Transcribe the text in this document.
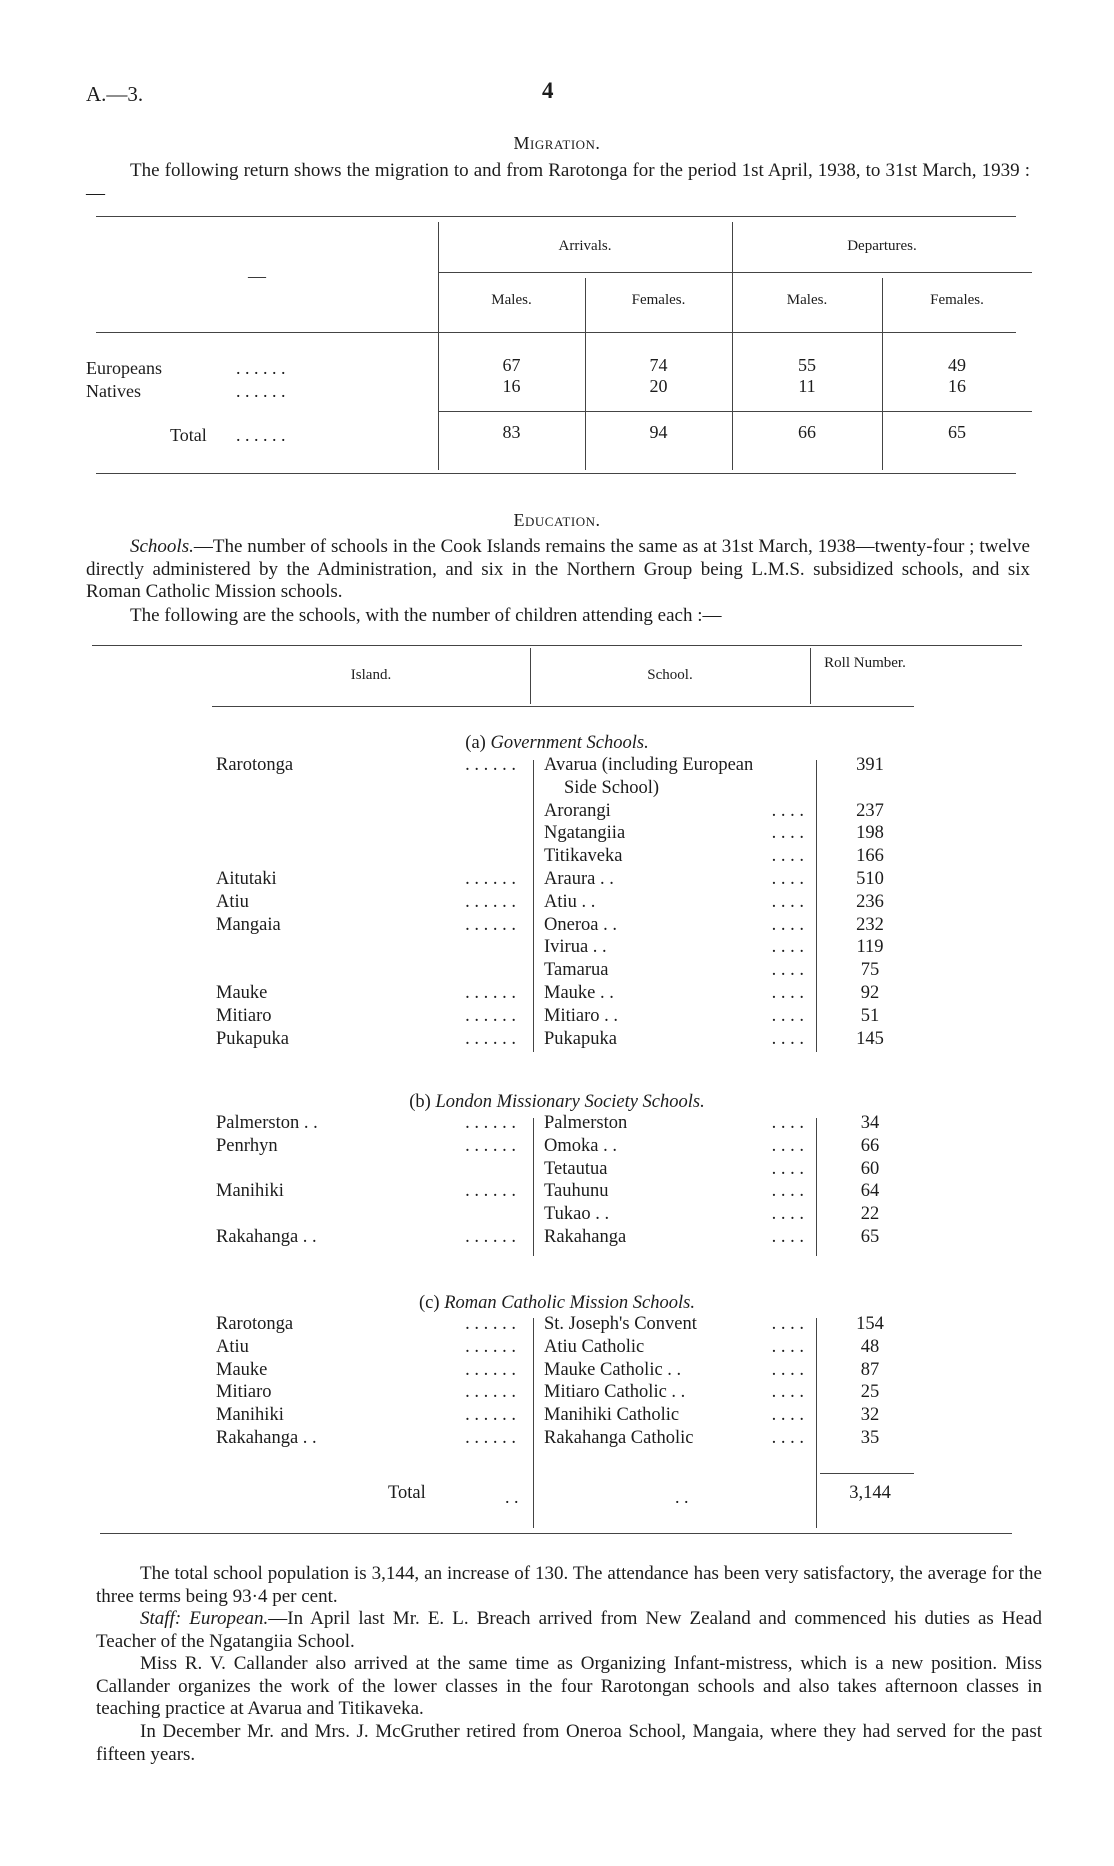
A.—3.	4
Migration.
The following return shows the migration to and from Rarotonga for the period 1st April, 1938, to 31st March, 1939 :—
—
Arrivals.	Departures.
Males.	Females.	Males.	Females.
Europeans	. . . . . .	67	74	55	49
Natives	. . . . . .	16	20	11	16
Total . . . . . .	83	94	66	65
Education.
Schools.—The number of schools in the Cook Islands remains the same as at 31st March, 1938—twenty-four ; twelve directly administered by the Administration, and six in the Northern Group being L.M.S. subsidized schools, and six Roman Catholic Mission schools.
The following are the schools, with the number of children attending each :—
Island.	School.
Roll Number.
(a) Government Schools.
Rarotonga	. . . . . . Avarua (including European	391
Side School)
Arorangi	. . . .	237
Ngatangiia	. . . .	198
Titikaveka	. . . .	166
Aitutaki	. . . . . . Araura . .	. . . .	510
Atiu	. . . . . . Atiu . .	. . . .	236
Mangaia	. . . . . . Oneroa . .	. . . .	232
Ivirua . .	. . . .	119
Tamarua	. . . .	75
Mauke	. . . . . . Mauke . .	. . . .	92
Mitiaro	. . . . . . Mitiaro . .	. . . .	51
Pukapuka	. . . . . . Pukapuka	. . . .	145
(b) London Missionary Society Schools.
Palmerston . .	. . . . . . Palmerston	. . . .	34
Penrhyn	. . . . . . Omoka . .	. . . .	66
Tetautua	. . . .	60
Manihiki	. . . . . . Tauhunu	. . . .	64
Tukao . .	. . . .	22
Rakahanga . .	. . . . . . Rakahanga	. . . .	65
(c) Roman Catholic Mission Schools.
Rarotonga	. . . . . . St. Joseph's Convent	. . . .	154
Atiu	. . . . . . Atiu Catholic	. . . .	48
Mauke	. . . . . . Mauke Catholic . .	. . . .	87
Mitiaro	. . . . . . Mitiaro Catholic . .	. . . .	25
Manihiki	. . . . . . Manihiki Catholic	. . . .	32
Rakahanga . .	. . . . . . Rakahanga Catholic	. . . .	35
Total	. .	. .	3,144
The total school population is 3,144, an increase of 130. The attendance has been very satisfactory, the average for the three terms being 93·4 per cent.
Staff: European.—In April last Mr. E. L. Breach arrived from New Zealand and commenced his duties as Head Teacher of the Ngatangiia School.
Miss R. V. Callander also arrived at the same time as Organizing Infant-mistress, which is a new position. Miss Callander organizes the work of the lower classes in the four Rarotongan schools and also takes afternoon classes in teaching practice at Avarua and Titikaveka.
In December Mr. and Mrs. J. McGruther retired from Oneroa School, Mangaia, where they had served for the past fifteen years.
